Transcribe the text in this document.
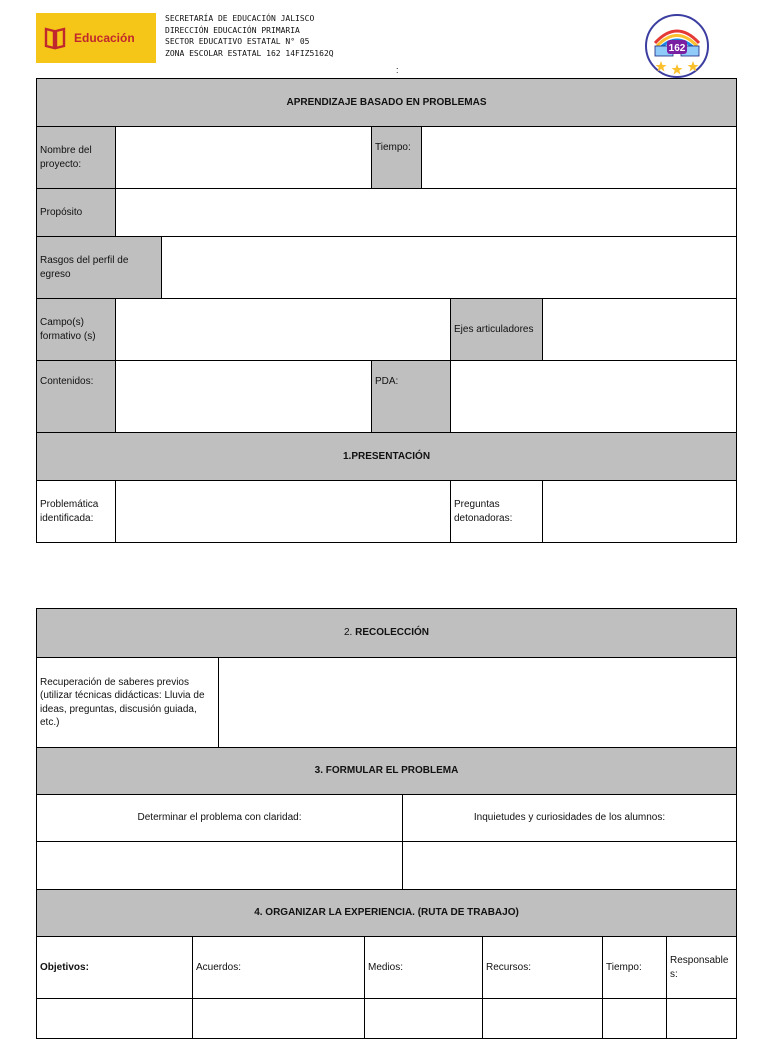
Educación
SECRETARÍA DE EDUCACIÓN JALISCO
DIRECCIÓN EDUCACIÓN PRIMARIA
SECTOR EDUCATIVO ESTATAL N° 05
ZONA ESCOLAR ESTATAL 162 14FIZ5162Q
:
162
APRENDIZAJE BASADO EN PROBLEMAS						
Nombre del proyecto:			Tiempo:			
Propósito						
Rasgos del perfil de egreso						
Campo(s) formativo (s)					Ejes articuladores	
Contenidos:			PDA:			
1.PRESENTACIÓN						
Problemática identificada:					Preguntas detonadoras:	
2. RECOLECCIÓN							
Recuperación de saberes previos (utilizar técnicas didácticas: Lluvia de ideas, preguntas, discusión guiada, etc.)							
3. FORMULAR EL PROBLEMA							
Determinar el problema con claridad:				Inquietudes y curiosidades de los alumnos:			

4. ORGANIZAR LA EXPERIENCIA. (RUTA DE TRABAJO)							
Objetivos:	Acuerdos:		Medios:		Recursos:	Tiempo:	Responsable s:
